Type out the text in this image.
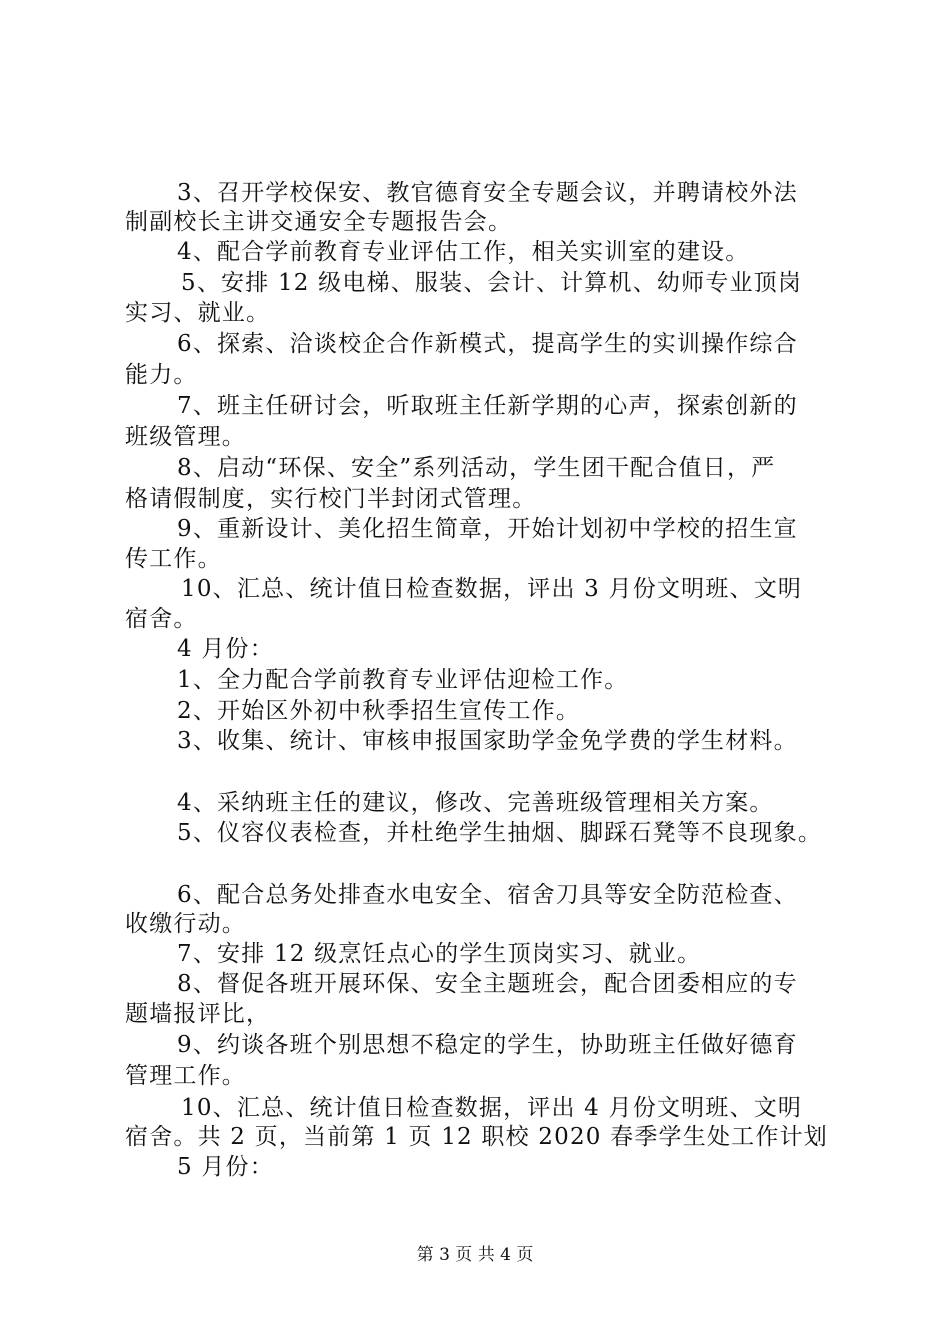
3、召开学校保安、教官德育安全专题会议，并聘请校外法
制副校长主讲交通安全专题报告会。
4、配合学前教育专业评估工作，相关实训室的建设。
5、安排 12 级电梯、服装、会计、计算机、幼师专业顶岗
实习、就业。
6、探索、洽谈校企合作新模式，提高学生的实训操作综合
能力。
7、班主任研讨会，听取班主任新学期的心声，探索创新的
班级管理。
8、启动“环保、安全”系列活动，学生团干配合值日，严
格请假制度，实行校门半封闭式管理。
9、重新设计、美化招生简章，开始计划初中学校的招生宣
传工作。
10、汇总、统计值日检查数据，评出 3 月份文明班、文明
宿舍。
4 月份：
1、全力配合学前教育专业评估迎检工作。
2、开始区外初中秋季招生宣传工作。
3、收集、统计、审核申报国家助学金免学费的学生材料。
4、采纳班主任的建议，修改、完善班级管理相关方案。
5、仪容仪表检查，并杜绝学生抽烟、脚踩石凳等不良现象。
6、配合总务处排查水电安全、宿舍刀具等安全防范检查、
收缴行动。
7、安排 12 级烹饪点心的学生顶岗实习、就业。
8、督促各班开展环保、安全主题班会，配合团委相应的专
题墙报评比，
9、约谈各班个别思想不稳定的学生，协助班主任做好德育
管理工作。
10、汇总、统计值日检查数据，评出 4 月份文明班、文明
宿舍。共 2 页，当前第 1 页 12 职校 2020 春季学生处工作计划
5 月份：
第 3 页 共 4 页
